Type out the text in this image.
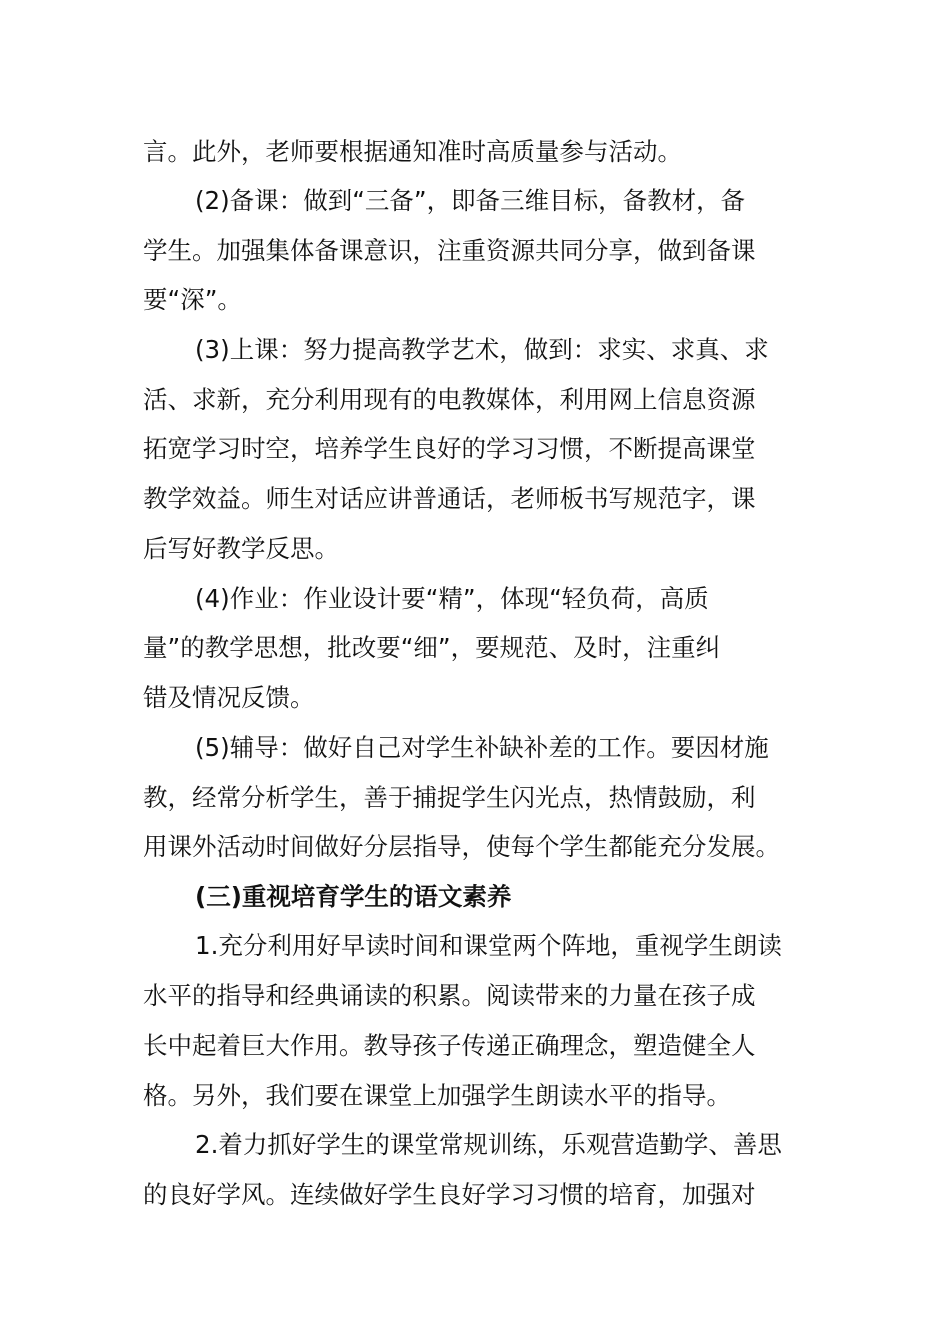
言。此外，老师要根据通知准时高质量参与活动。
(2)备课：做到“三备”，即备三维目标，备教材，备
学生。加强集体备课意识，注重资源共同分享，做到备课
要“深”。
(3)上课：努力提高教学艺术，做到：求实、求真、求
活、求新，充分利用现有的电教媒体，利用网上信息资源
拓宽学习时空，培养学生良好的学习习惯，不断提高课堂
教学效益。师生对话应讲普通话，老师板书写规范字，课
后写好教学反思。
(4)作业：作业设计要“精”，体现“轻负荷，高质
量”的教学思想，批改要“细”，要规范、及时，注重纠
错及情况反馈。
(5)辅导：做好自己对学生补缺补差的工作。要因材施
教，经常分析学生，善于捕捉学生闪光点，热情鼓励，利
用课外活动时间做好分层指导，使每个学生都能充分发展。
(三)重视培育学生的语文素养
1.充分利用好早读时间和课堂两个阵地，重视学生朗读
水平的指导和经典诵读的积累。阅读带来的力量在孩子成
长中起着巨大作用。教导孩子传递正确理念，塑造健全人
格。另外，我们要在课堂上加强学生朗读水平的指导。
2.着力抓好学生的课堂常规训练，乐观营造勤学、善思
的良好学风。连续做好学生良好学习习惯的培育，加强对
